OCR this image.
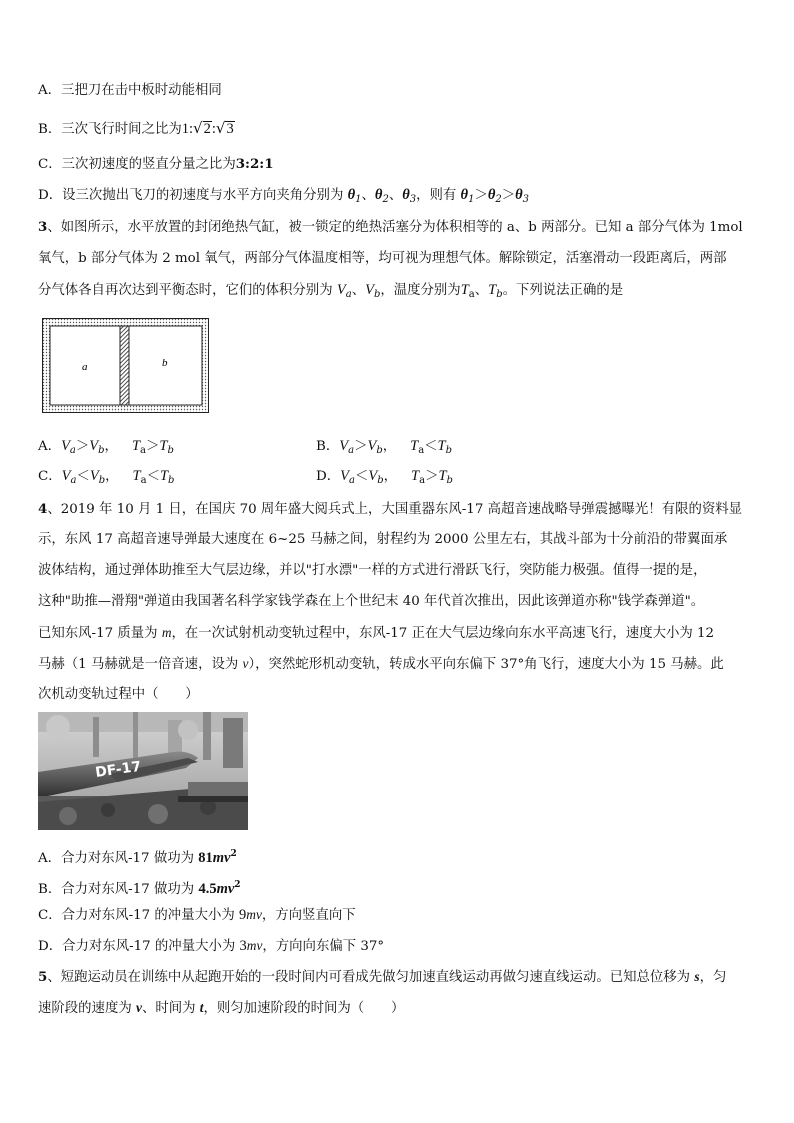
A．三把刀在击中板时动能相同
B．三次飞行时间之比为1:√2:√3
C．三次初速度的竖直分量之比为3:2:1
D．设三次抛出飞刀的初速度与水平方向夹角分别为 $\theta_1$、$\theta_2$、$\theta_3$，则有 $\theta_1>\theta_2>\theta_3$
3、如图所示，水平放置的封闭绝热气缸，被一锁定的绝热活塞分为体积相等的 a、b 两部分。已知 a 部分气体为 1mol
氧气，b 部分气体为 2 mol 氧气，两部分气体温度相等，均可视为理想气体。解除锁定，活塞滑动一段距离后，两部
分气体各自再次达到平衡态时，它们的体积分别为 $V_a$、$V_b$，温度分别为$T_a$、$T_b$。下列说法正确的是
a	b
A．$V_a>V_b$， $T_a>T_b$	B．$V_a>V_b$， $T_a<T_b$
C．$V_a<V_b$， $T_a<T_b$	D．$V_a<V_b$， $T_a>T_b$
4、2019 年 10 月 1 日，在国庆 70 周年盛大阅兵式上，大国重器东风-17 高超音速战略导弹震撼曝光！有限的资料显
示，东风 17 高超音速导弹最大速度在 6~25 马赫之间，射程约为 2000 公里左右，其战斗部为十分前沿的带翼面承
波体结构，通过弹体助推至大气层边缘，并以"打水漂"一样的方式进行滑跃飞行，突防能力极强。值得一提的是，
这种"助推—滑翔"弹道由我国著名科学家钱学森在上个世纪末 40 年代首次推出，因此该弹道亦称"钱学森弹道"。
已知东风-17 质量为 m，在一次试射机动变轨过程中，东风-17 正在大气层边缘向东水平高速飞行，速度大小为 12
马赫（1 马赫就是一倍音速，设为 v），突然蛇形机动变轨，转成水平向东偏下 37°角飞行，速度大小为 15 马赫。此
次机动变轨过程中（　　）
DF-17
A．合力对东风-17 做功为 $81mv^2$
B．合力对东风-17 做功为 $4.5mv^2$
C．合力对东风-17 的冲量大小为 9mv，方向竖直向下
D．合力对东风-17 的冲量大小为 3mv，方向向东偏下 37°
5、短跑运动员在训练中从起跑开始的一段时间内可看成先做匀加速直线运动再做匀速直线运动。已知总位移为 s，匀
速阶段的速度为 v、时间为 t，则匀加速阶段的时间为（　　）
